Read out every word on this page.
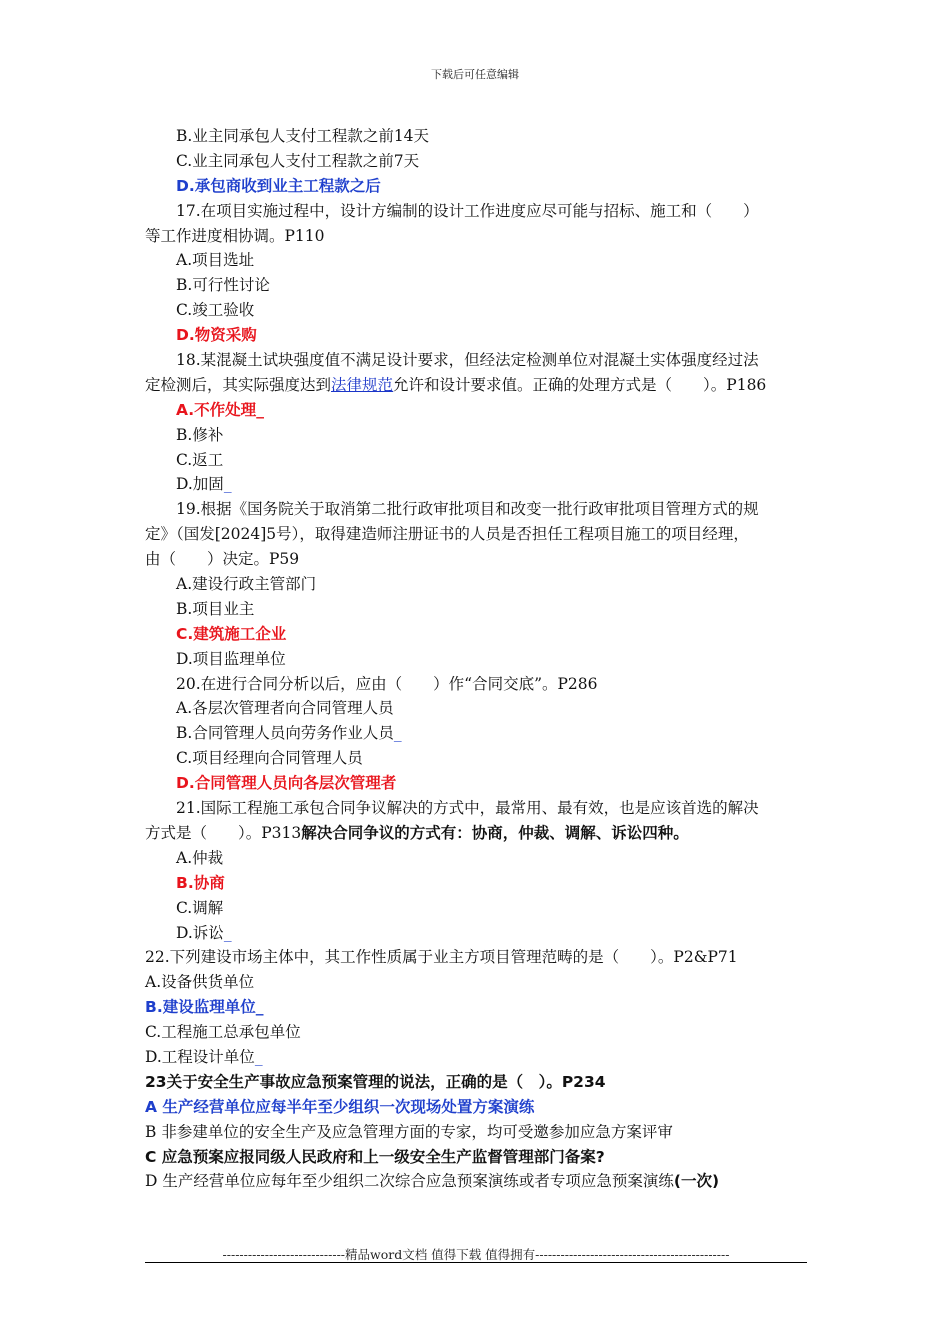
下载后可任意编辑
B.业主同承包人支付工程款之前14天
C.业主同承包人支付工程款之前7天
D.承包商收到业主工程款之后
17.在项目实施过程中，设计方编制的设计工作进度应尽可能与招标、施工和（　　）
等工作进度相协调。P110
A.项目选址
B.可行性讨论
C.竣工验收
D.物资采购
18.某混凝土试块强度值不满足设计要求，但经法定检测单位对混凝土实体强度经过法
定检测后，其实际强度达到法律规范允许和设计要求值。正确的处理方式是（　　）。P186
A.不作处理_
B.修补
C.返工
D.加固_
19.根据《国务院关于取消第二批行政审批项目和改变一批行政审批项目管理方式的规
定》（国发[2024]5号），取得建造师注册证书的人员是否担任工程项目施工的项目经理，
由（　　）决定。P59
A.建设行政主管部门
B.项目业主
C.建筑施工企业
D.项目监理单位
20.在进行合同分析以后，应由（　　）作“合同交底”。P286
A.各层次管理者向合同管理人员
B.合同管理人员向劳务作业人员_
C.项目经理向合同管理人员
D.合同管理人员向各层次管理者
21.国际工程施工承包合同争议解决的方式中，最常用、最有效，也是应该首选的解决
方式是（　　）。P313解决合同争议的方式有：协商，仲裁、调解、诉讼四种。
A.仲裁
B.协商
C.调解
D.诉讼_
22.下列建设市场主体中，其工作性质属于业主方项目管理范畴的是（　　）。P2&P71
A.设备供货单位
B.建设监理单位_
C.工程施工总承包单位
D.工程设计单位_
23关于安全生产事故应急预案管理的说法，正确的是（　）。P234
A 生产经营单位应每半年至少组织一次现场处置方案演练
B 非参建单位的安全生产及应急管理方面的专家，均可受邀参加应急方案评审
C 应急预案应报同级人民政府和上一级安全生产监督管理部门备案?
D 生产经营单位应每年至少组织二次综合应急预案演练或者专项应急预案演练(一次)
-----------------------------精品word文档 值得下载 值得拥有----------------------------------------------
